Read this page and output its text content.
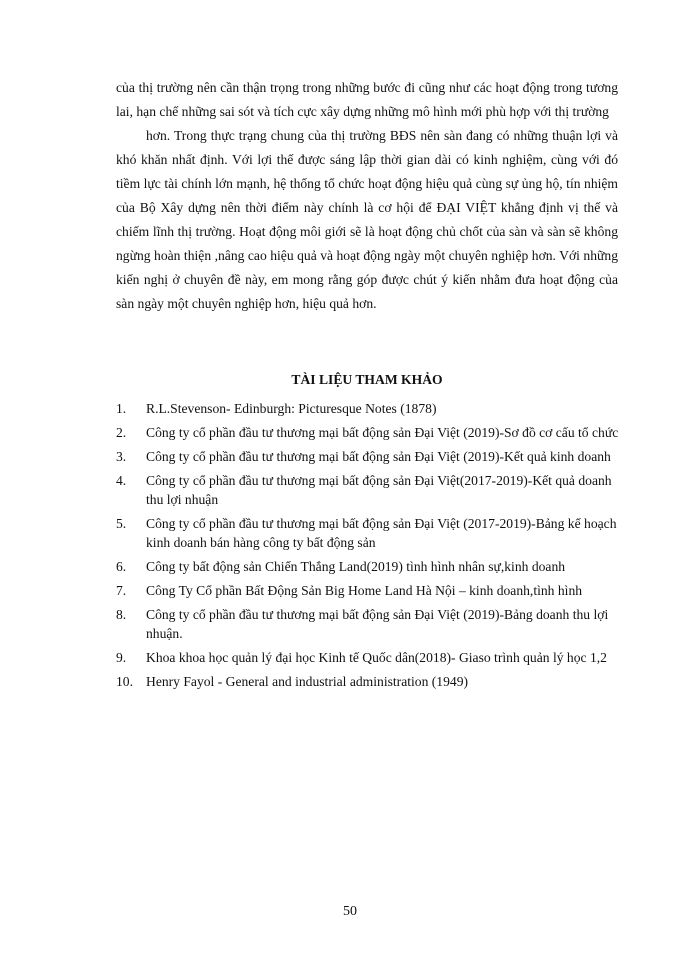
của thị trường nên cần thận trọng trong những bước đi cũng như các hoạt động trong tương lai, hạn chế những sai sót và tích cực xây dựng những mô hình mới phù hợp với thị trường

hơn. Trong thực trạng chung của thị trường BĐS nên sàn đang có những thuận lợi và khó khăn nhất định. Với lợi thế được sáng lập thời gian dài có kinh nghiệm, cùng với đó tiềm lực tài chính lớn mạnh, hệ thống tổ chức hoạt động hiệu quả cùng sự ủng hộ, tín nhiệm của Bộ Xây dựng nên thời điểm này chính là cơ hội để ĐẠI VIỆT khẳng định vị thế và chiếm lĩnh thị trường. Hoạt động môi giới sẽ là hoạt động chủ chốt của sàn và sàn sẽ không ngừng hoàn thiện ,nâng cao hiệu quả và hoạt động ngày một chuyên nghiệp hơn. Với những kiến nghị ở chuyên đề này, em mong rằng góp được chút ý kiến nhằm đưa hoạt động của sàn ngày một chuyên nghiệp hơn, hiệu quả hơn.

TÀI LIỆU THAM KHẢO
1.	R.L.Stevenson- Edinburgh: Picturesque Notes (1878)
2.	Công ty cổ phần đầu tư thương mại bất động sản Đại Việt (2019)-Sơ đồ cơ cấu tổ chức
3.	Công ty cổ phần đầu tư thương mại bất động sản Đại Việt (2019)-Kết quả kinh doanh
4.	Công ty cổ phần đầu tư thương mại bất động sản Đại Việt(2017-2019)-Kết quả doanh thu lợi nhuận
5.	Công ty cổ phần đầu tư thương mại bất động sản Đại Việt (2017-2019)-Bảng kế hoạch kinh doanh bán hàng công ty bất động sản
6.	Công ty bất động sản Chiến Thắng Land(2019) tình hình nhân sự,kinh doanh
7.	Công Ty Cổ phần Bất Động Sản Big Home Land Hà Nội – kinh doanh,tình hình
8.	Công ty cổ phần đầu tư thương mại bất động sản Đại Việt (2019)-Bảng doanh thu lợi nhuận.
9.	Khoa khoa học quản lý đại học Kinh tế Quốc dân(2018)- Giaso trình quản lý học 1,2
10. Henry Fayol - General and industrial administration (1949)
50
